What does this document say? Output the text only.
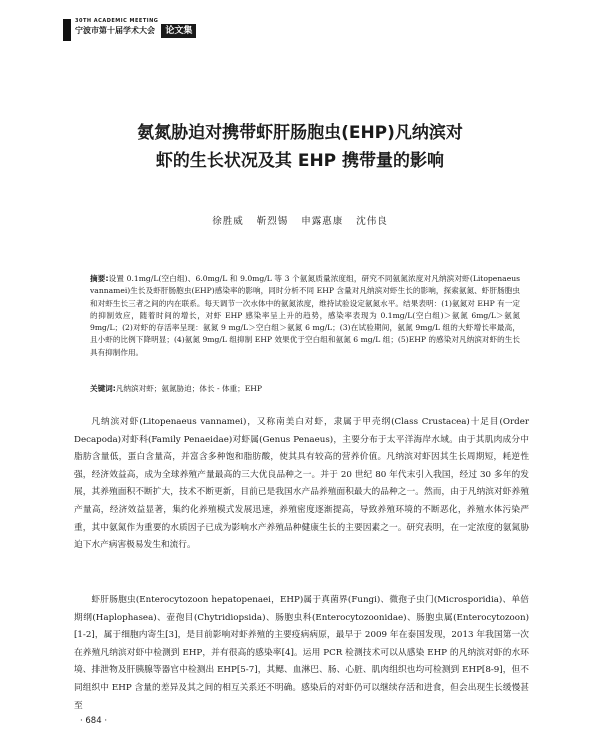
30TH ACADEMIC MEETING
宁波市第十届学术大会	论文集
氨氮胁迫对携带虾肝肠胞虫(EHP)凡纳滨对
虾的生长状况及其 EHP 携带量的影响

徐胜威 靳烈锡 申露惠康 沈伟良

摘要:设置 0.1mg/L(空白组)、6.0mg/L 和 9.0mg/L 等 3 个氨氮质量浓度组，研究不同氨氮浓度对凡纳滨对虾(Litopenaeus vannamei)生长及虾肝肠胞虫(EHP)感染率的影响，同时分析不同 EHP 含量对凡纳滨对虾生长的影响，探索氨氮、虾肝肠胞虫和对虾生长三者之间的内在联系。每天调节一次水体中的氨氮浓度，维持试验设定氨氮水平。结果表明：(1)氨氮对 EHP 有一定的抑制效应，随着时间的增长，对虾 EHP 感染率呈上升的趋势，感染率表现为 0.1mg/L(空白组)＞氨氮 6mg/L＞氨氮 9mg/L；(2)对虾的存活率呈现：氨氮 9 mg/L＞空白组＞氨氮 6 mg/L；(3)在试验期间，氨氮 9mg/L 组的大虾增长率最高，且小虾的比例下降明显；(4)氨氮 9mg/L 组抑制 EHP 效果优于空白组和氨氮 6 mg/L 组；(5)EHP 的感染对凡纳滨对虾的生长具有抑制作用。

关键词:凡纳滨对虾；氨氮胁迫；体长 - 体重；EHP

凡纳滨对虾(Litopenaeus vannamei)，又称南美白对虾，隶属于甲壳纲(Class Crustacea)十足目(Order Decapoda)对虾科(Family Penaeidae)对虾属(Genus Penaeus)，主要分布于太平洋海岸水域。由于其肌肉成分中脂肪含量低，蛋白含量高，并富含多种饱和脂肪酸，使其具有较高的营养价值。凡纳滨对虾因其生长周期短，耗逆性强，经济效益高，成为全球养殖产量最高的三大优良品种之一。并于 20 世纪 80 年代末引入我国，经过 30 多年的发展，其养殖面积不断扩大，技术不断更新，目前已是我国水产品养殖面积最大的品种之一。然而，由于凡纳滨对虾养殖产量高，经济效益显著，集约化养殖模式发展迅速，养殖密度逐渐提高，导致养殖环境的不断恶化，养殖水体污染严重，其中氨氮作为重要的水质因子已成为影响水产养殖品种健康生长的主要因素之一。研究表明，在一定浓度的氨氮胁迫下水产病害极易发生和流行。

虾肝肠胞虫(Enterocytozoon hepatopenaei，EHP)属于真菌界(Fungi)、微孢子虫门(Microsporidia)、单倍期纲(Haplophasea)、壶孢目(Chytridiopsida)、肠胞虫科(Enterocytozoonidae)、肠胞虫属(Enterocytozoon)[1-2]，属于细胞内寄生[3]，是目前影响对虾养殖的主要疫病病原，最早于 2009 年在泰国发现，2013 年我国第一次在养殖凡纳滨对虾中检测到 EHP，并有很高的感染率[4]。运用 PCR 检测技术可以从感染 EHP 的凡纳滨对虾的水环境、排泄物及肝胰腺等器官中检测出 EHP[5-7]，其鳃、血淋巴、肠、心脏、肌肉组织也均可检测到 EHP[8-9]，但不同组织中 EHP 含量的差异及其之间的相互关系还不明确。感染后的对虾仍可以继续存活和进食，但会出现生长缓慢甚至

· 684 ·
